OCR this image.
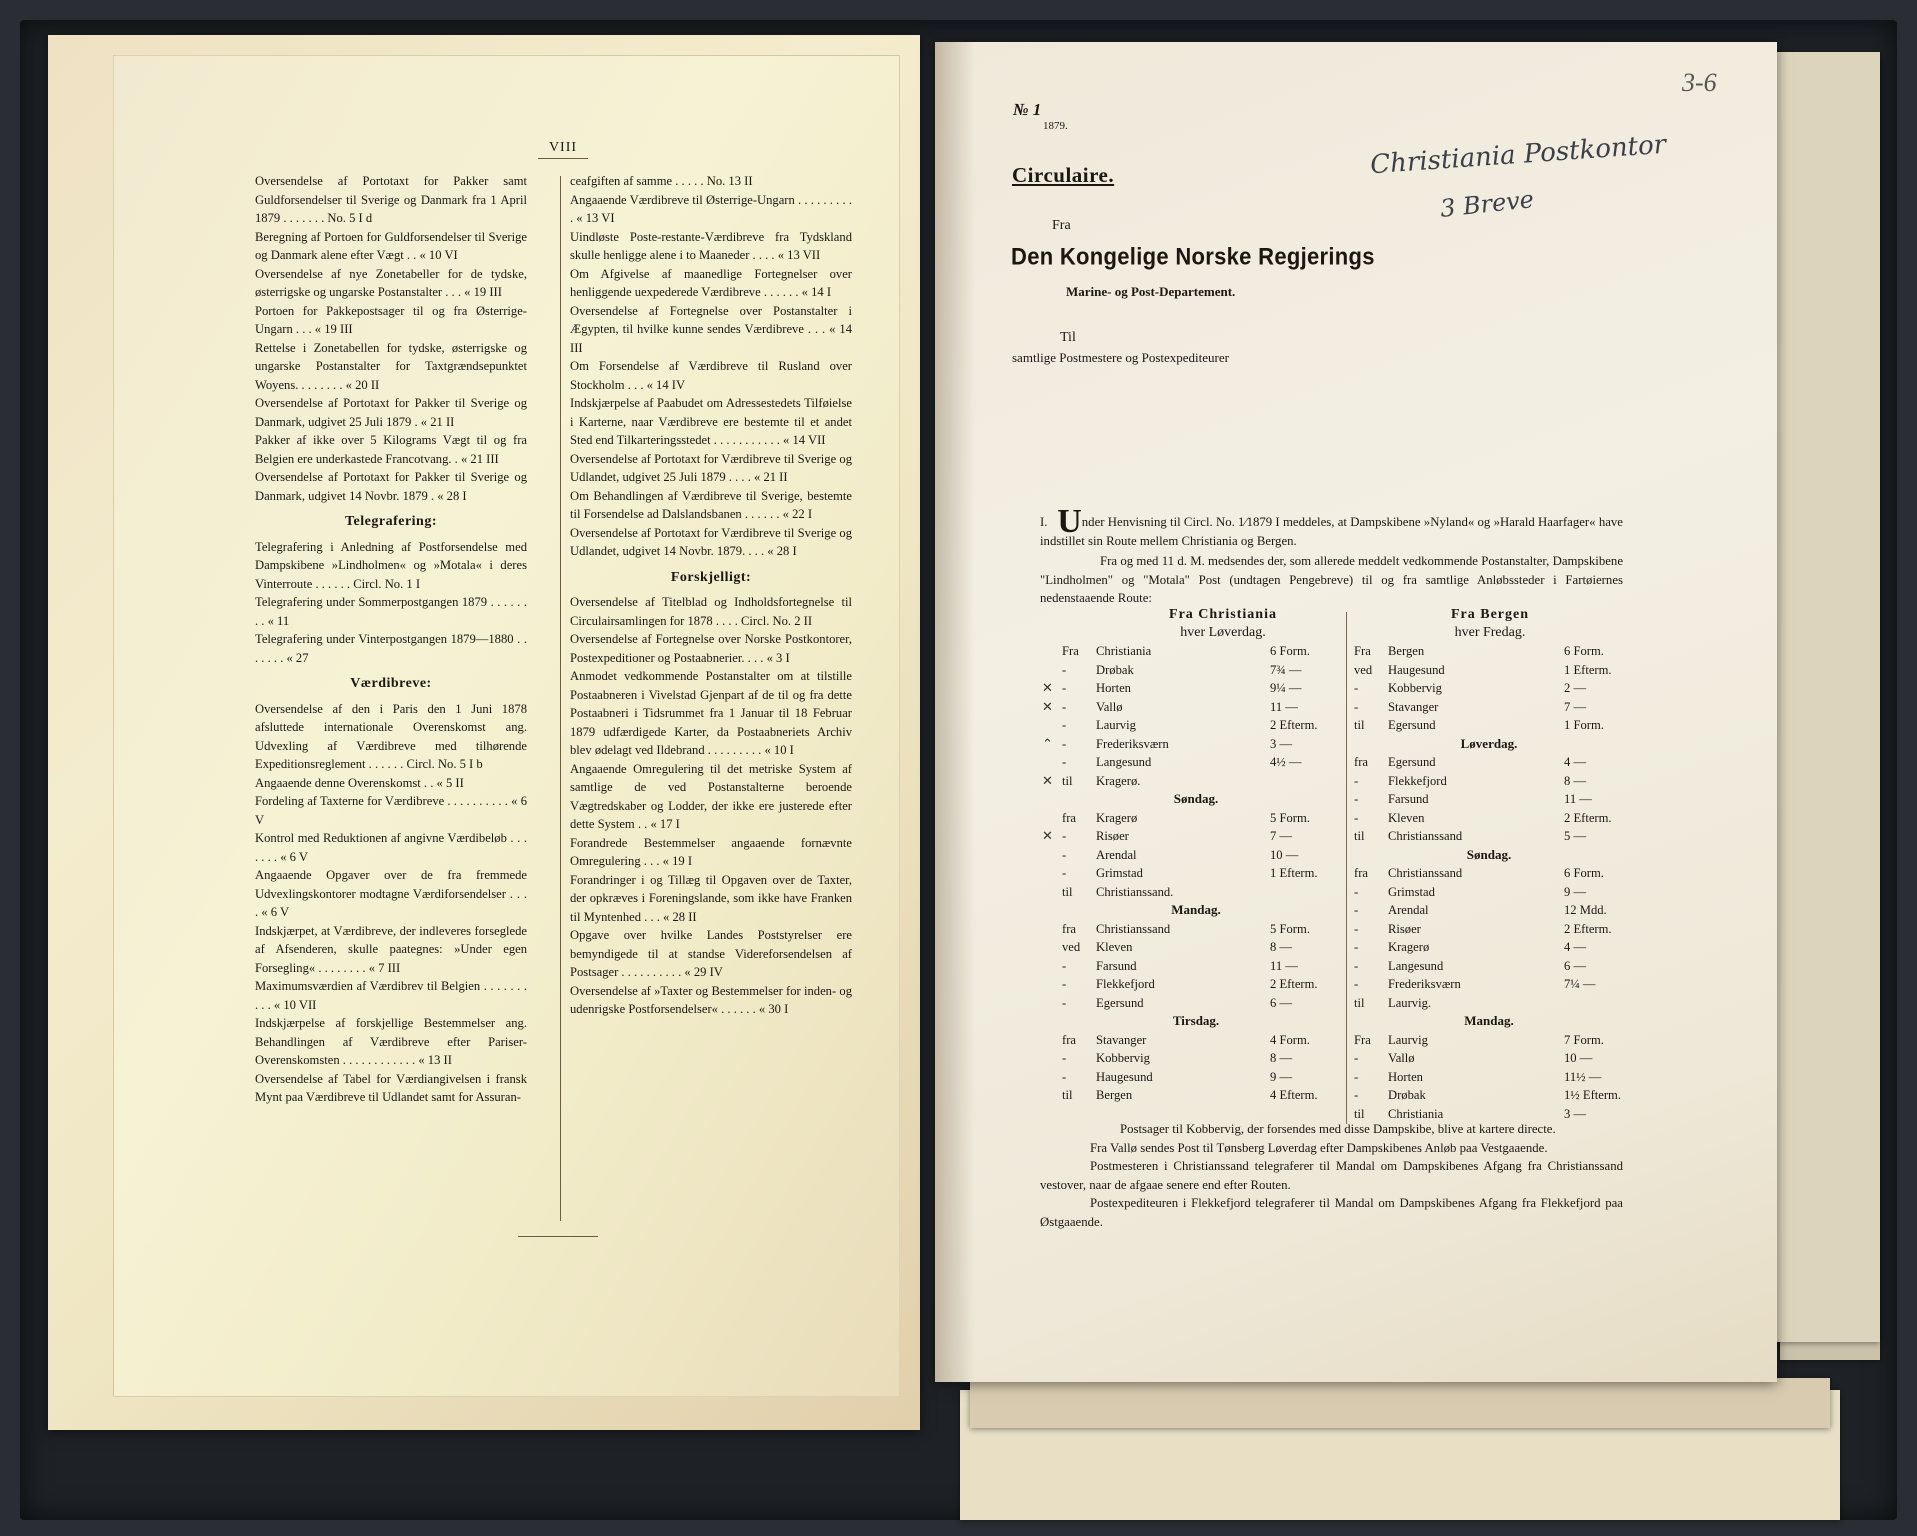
VIII
Oversendelse af Portotaxt for Pakker samt Guldforsendelser til Sverige og Danmark fra 1 April 1879 . . . . . . . No. 5 I d
Beregning af Portoen for Guldforsendelser til Sverige og Danmark alene efter Vægt . . « 10 VI
Oversendelse af nye Zonetabeller for de tydske, østerrigske og ungarske Postanstalter . . . « 19 III
Portoen for Pakkepostsager til og fra Østerrige-Ungarn . . . « 19 III
Rettelse i Zonetabellen for tydske, østerrigske og ungarske Postanstalter for Taxtgrændsepunktet Woyens. . . . . . . . « 20 II
Oversendelse af Portotaxt for Pakker til Sverige og Danmark, udgivet 25 Juli 1879 . « 21 II
Pakker af ikke over 5 Kilograms Vægt til og fra Belgien ere underkastede Francotvang. . « 21 III
Oversendelse af Portotaxt for Pakker til Sverige og Danmark, udgivet 14 Novbr. 1879 . « 28 I
Telegrafering:
Telegrafering i Anledning af Postforsendelse med Dampskibene »Lindholmen« og »Motala« i deres Vinterroute . . . . . . Circl. No. 1 I
Telegrafering under Sommerpostgangen 1879 . . . . . . . . « 11
Telegrafering under Vinterpostgangen 1879—1880 . . . . . . . « 27
Værdibreve:
Oversendelse af den i Paris den 1 Juni 1878 afsluttede internationale Overenskomst ang. Udvexling af Værdibreve med tilhørende Expeditionsreglement . . . . . . Circl. No. 5 I b
Angaaende denne Overenskomst . . « 5 II
Fordeling af Taxterne for Værdibreve . . . . . . . . . . « 6 V
Kontrol med Reduktionen af angivne Værdibeløb . . . . . . . « 6 V
Angaaende Opgaver over de fra fremmede Udvexlingskontorer modtagne Værdiforsendelser . . . . « 6 V
Indskjærpet, at Værdibreve, der indleveres forseglede af Afsenderen, skulle paategnes: »Under egen Forsegling« . . . . . . . . « 7 III
Maximumsværdien af Værdibrev til Belgien . . . . . . . . . . « 10 VII
Indskjærpelse af forskjellige Bestemmelser ang. Behandlingen af Værdibreve efter Pariser-Overenskomsten . . . . . . . . . . . . « 13 II
Oversendelse af Tabel for Værdiangivelsen i fransk Mynt paa Værdibreve til Udlandet samt for Assuran-
ceafgiften af samme . . . . . No. 13 II
Angaaende Værdibreve til Østerrige-Ungarn . . . . . . . . . . « 13 VI
Uindløste Poste-restante-Værdibreve fra Tydskland skulle henligge alene i to Maaneder . . . . « 13 VII
Om Afgivelse af maanedlige Fortegnelser over henliggende uexpederede Værdibreve . . . . . . « 14 I
Oversendelse af Fortegnelse over Postanstalter i Ægypten, til hvilke kunne sendes Værdibreve . . . « 14 III
Om Forsendelse af Værdibreve til Rusland over Stockholm . . . « 14 IV
Indskjærpelse af Paabudet om Adressestedets Tilføielse i Karterne, naar Værdibreve ere bestemte til et andet Sted end Tilkarteringsstedet . . . . . . . . . . . « 14 VII
Oversendelse af Portotaxt for Værdibreve til Sverige og Udlandet, udgivet 25 Juli 1879 . . . . « 21 II
Om Behandlingen af Værdibreve til Sverige, bestemte til Forsendelse ad Dalslandsbanen . . . . . . « 22 I
Oversendelse af Portotaxt for Værdibreve til Sverige og Udlandet, udgivet 14 Novbr. 1879. . . . « 28 I
Forskjelligt:
Oversendelse af Titelblad og Indholdsfortegnelse til Circulairsamlingen for 1878 . . . . Circl. No. 2 II
Oversendelse af Fortegnelse over Norske Postkontorer, Postexpeditioner og Postaabnerier. . . . « 3 I
Anmodet vedkommende Postanstalter om at tilstille Postaabneren i Vivelstad Gjenpart af de til og fra dette Postaabneri i Tidsrummet fra 1 Januar til 18 Februar 1879 udfærdigede Karter, da Postaabneriets Archiv blev ødelagt ved Ildebrand . . . . . . . . . « 10 I
Angaaende Omregulering til det metriske System af samtlige de ved Postanstalterne beroende Vægtredskaber og Lodder, der ikke ere justerede efter dette System . . « 17 I
Forandrede Bestemmelser angaaende fornævnte Omregulering . . . « 19 I
Forandringer i og Tillæg til Opgaven over de Taxter, der opkræves i Foreningslande, som ikke have Franken til Myntenhed . . . « 28 II
Opgave over hvilke Landes Poststyrelser ere bemyndigede til at standse Videreforsendelsen af Postsager . . . . . . . . . . « 29 IV
Oversendelse af »Taxter og Bestemmelser for inden- og udenrigske Postforsendelser« . . . . . . « 30 I
3-6
№ 1
1879.
Christiania Postkontor
3 Breve
Circulaire.
Fra
Den Kongelige Norske Regjerings
Marine- og Post-Departement.
Til
samtlige Postmestere og Postexpediteurer
I. Under Henvisning til Circl. No. 1⁄1879 I meddeles, at Dampskibene »Nyland« og »Harald Haarfager« have indstillet sin Route mellem Christiania og Bergen.
Fra og med 11 d. M. medsendes der, som allerede meddelt vedkommende Postanstalter, Dampskibene "Lindholmen" og "Motala" Post (undtagen Pengebreve) til og fra samtlige Anløbssteder i Fartøiernes nedenstaaende Route:
Fra Christiania
hver Løverdag.
Fra Bergen
hver Fredag.
Fra Christiania	6 Form.
- Drøbak	7¾ —
✕ - Horten	9¼ —
✕ - Vallø	11 —
- Laurvig	2 Efterm.
⌃ - Frederiksværn	3 —
- Langesund	4½ —
✕ til Kragerø.
Søndag.
fra Kragerø	5 Form.
✕ - Risøer	7 —
- Arendal	10 —
- Grimstad	1 Efterm.
til Christianssand.
Mandag.
fra Christianssand	5 Form.
ved Kleven	8 —
- Farsund	11 —
- Flekkefjord	2 Efterm.
- Egersund	6 —
Tirsdag.
fra Stavanger	4 Form.
- Kobbervig	8 —
- Haugesund	9 —
til Bergen	4 Efterm.
Fra Bergen	6 Form.
ved Haugesund	1 Efterm.
- Kobbervig	2 —
- Stavanger	7 —
til Egersund	1 Form.
Løverdag.
fra Egersund	4 —
- Flekkefjord	8 —
- Farsund	11 —
- Kleven	2 Efterm.
til Christianssand	5 —
Søndag.
fra Christianssand	6 Form.
- Grimstad	9 —
- Arendal	12 Mdd.
- Risøer	2 Efterm.
- Kragerø	4 —
- Langesund	6 —
- Frederiksværn	7¼ —
til Laurvig.
Mandag.
Fra Laurvig	7 Form.
- Vallø	10 —
- Horten	11½ —
- Drøbak	1½ Efterm.
til Christiania	3 —

Postsager til Kobbervig, der forsendes med disse Dampskibe, blive at kartere directe.

Fra Vallø sendes Post til Tønsberg Løverdag efter Dampskibenes Anløb paa Vestgaaende.

Postmesteren i Christianssand telegraferer til Mandal om Dampskibenes Afgang fra Christianssand vestover, naar de afgaae senere end efter Routen.

Postexpediteuren i Flekkefjord telegraferer til Mandal om Dampskibenes Afgang fra Flekkefjord paa Østgaaende.
